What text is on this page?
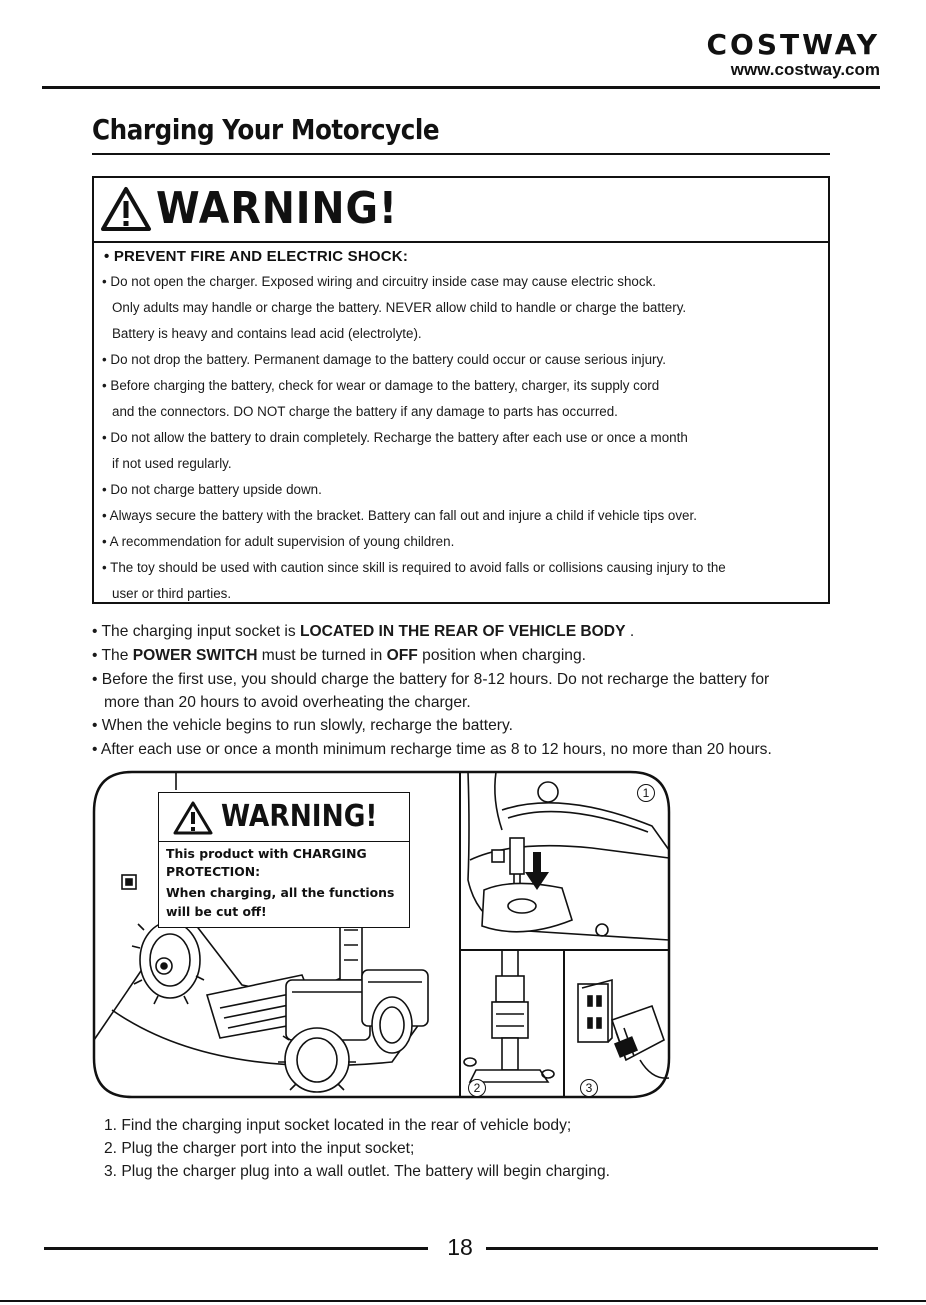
COSTWAY
www.costway.com
Charging Your Motorcycle
WARNING!
• PREVENT FIRE AND ELECTRIC SHOCK:
• Do not open the charger. Exposed wiring and circuitry inside case may cause electric shock.
Only adults may handle or charge the battery. NEVER allow child to handle or charge the battery.
Battery is heavy and contains lead acid (electrolyte).
• Do not drop the battery. Permanent damage to the battery could occur or cause serious injury.
• Before charging the battery, check for wear or damage to the battery, charger, its supply cord
and the connectors. DO NOT charge the battery if any damage to parts has occurred.
• Do not allow the battery to drain completely. Recharge the battery after each use or once a month
if not used regularly.
• Do not charge battery upside down.
• Always secure the battery with the bracket. Battery can fall out and injure a child if vehicle tips over.
• A recommendation for adult supervision of young children.
• The toy should be used with caution since skill is required to avoid falls or collisions causing injury to the
user or third parties.
• The charging input socket is LOCATED IN THE REAR OF VEHICLE BODY .
• The POWER SWITCH must be turned in OFF position when charging.
• Before the first use, you should charge the battery for 8-12 hours. Do not recharge the battery for
more than 20 hours to avoid overheating the charger.
• When the vehicle begins to run slowly, recharge the battery.
• After each use or once a month minimum recharge time as 8 to 12 hours, no more than 20 hours.
1
2	3
WARNING!
This product with CHARGING
PROTECTION:
When charging, all the functions
will be cut off!
1. Find the charging input socket located in the rear of vehicle body;
2. Plug the charger port into the input socket;
3. Plug the charger plug into a wall outlet. The battery will begin charging.
18
